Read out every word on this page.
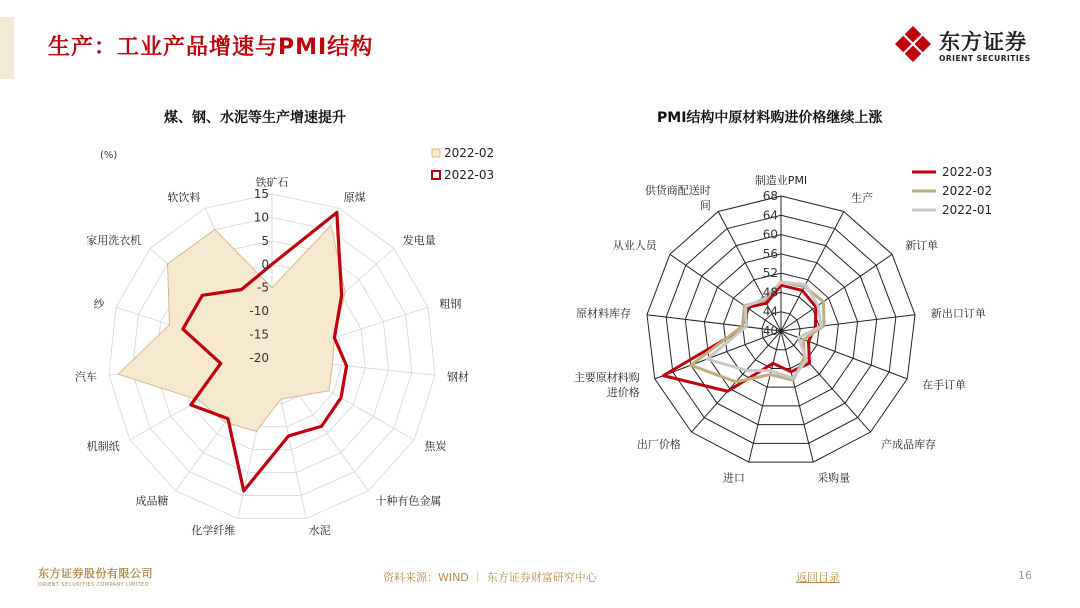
生产：工业产品增速与PMI结构	东方证券
ORIENT SECURITIES
煤、钢、水泥等生产增速提升	PMI结构中原材料购进价格继续上涨
15
10
5
0
-5
-10
-15
-20
铁矿石
原煤
发电量
粗钢
钢材
焦炭
十种有色金属
水泥
化学纤维
成品糖
机制纸
汽车
纱
家用洗衣机
软饮料
(%)	2022-02
2022-03
68
64
60
56
52
48
44
40
制造业PMI
生产
新订单
新出口订单
在手订单
产成品库存
采购量
进口
出厂价格
主要原材料购进价格
原材料库存
从业人员
供货商配送时间
2022-03
2022-02
2022-01
东方证券股份有限公司
ORIENT SECURITIES COMPANY LIMITED
资料来源：WIND ｜ 东方证券财富研究中心	返回目录	16
